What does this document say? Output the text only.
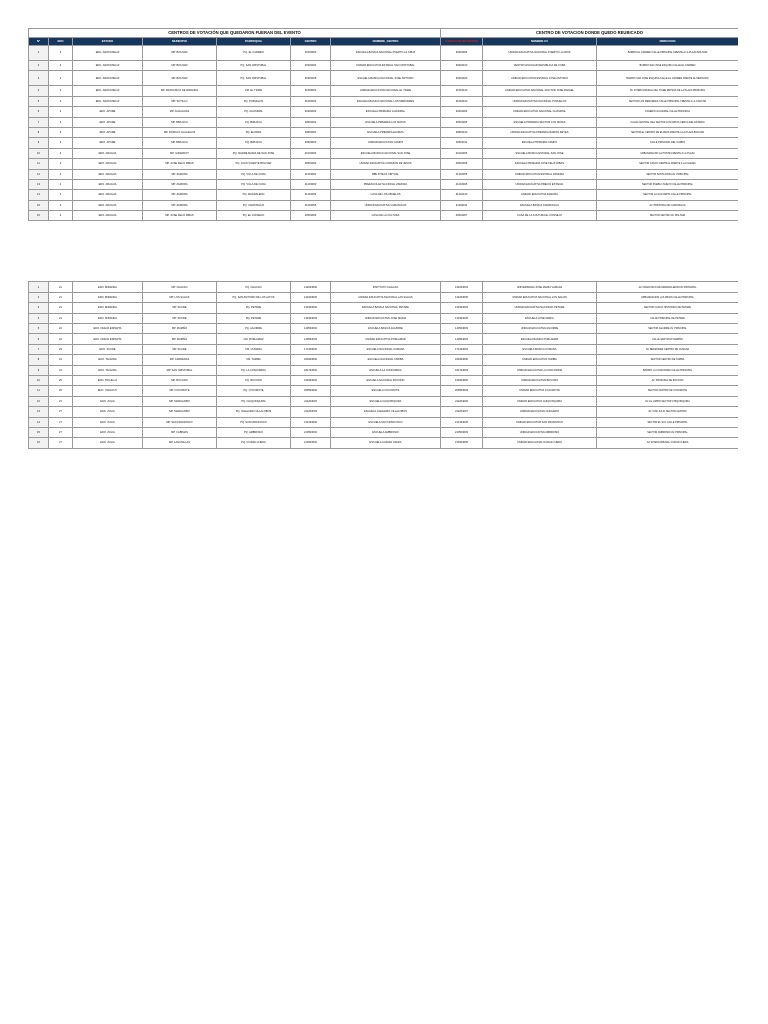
CENTROS DE VOTACIÓN QUE QUEDARON FUERAN DEL EVENTO							CENTRO DE VOTACION DONDE QUEDO REUBICADO		
Nº	EDO	ESTADO	MUNICIPIO	PARROQUIA	CENTRO	NOMBRE_CENTRO	CODIGO DE RECEPTOR	NOMBRE CV	DIRECCION
1	2	EDO. ANZOATEGUI	MP. BOLIVAR	PQ. EL CARMEN	30303003	ESCUELA BASICA NACIONAL PUERTO LA CRUZ	30304006	UNIDAD EDUCATIVA NACIONAL PUERTO LA CRUZ	BARRIO EL CARMEN CALLE PRINCIPAL FRENTE A LA PLAZA BOLIVAR
2	2	EDO. ANZOATEGUI	MP. BOLIVAR	PQ. SAN CRISTOBAL	30303004	UNIDAD EDUCATIVA ESTADAL SAN CRISTOBAL	30304010	CENTRO ESCOLAR REPUBLICA DE CUBA	BARRIO SAN JOSE ESQUINA CALLE EL CARMEN
3	2	EDO. ANZOATEGUI	MP. BOLIVAR	PQ. SAN CRISTOBAL	30303005	ESCUELA BASICA NACIONAL JOSE ANTONIO	30304020	UNIDAD EDUCATIVA ESTADAL JOSE ANTONIO	BARRIO SAN JOSE ESQUINA CALLE EL CARMEN FRENTE AL MERCADO
4	2	EDO. ANZOATEGUI	MP. FRANCISCO DE MIRANDA	CM. EL TIGRE	31503003	UNIDAD EDUCATIVA NACIONAL EL TIGRE	31504010	UNIDAD EDUCATIVA NACIONAL DOCTOR JOSE RAFAEL	AV. INTERCOMUNAL DEL TIGRE DETRAS DE LA PLAZA PRINCIPAL
5	2	EDO. ANZOATEGUI	MP. SOTILLO	PQ. POZUELOS	31603002	ESCUELA BASICA NACIONAL LOS MERCEDES	31604010	UNIDAD EDUCATIVA NACIONAL POZUELOS	SECTOR LOS MERCEDES CALLE PRINCIPAL FRENTE A LA CANCHA
6	3	EDO. APURE	MP. ACHAGUAS	PQ. GUASIMAL	30403002	ESCUELA PRIMARIA GUASIMAL	30404004	UNIDAD EDUCATIVA NACIONAL GUASIMAL	CASERIO GUASIMAL CALLE PRINCIPAL
7	3	EDO. APURE	MP. BIRUACA	PQ. BIRUACA	30503002	ESCUELA PRIMARIA LOS MATAS	30504006	ESCUELA PRIMARIA SECTOR LOS MATAS	CALLE CENTRAL DEL SECTOR LOS MATAS CERCA DEL ESTADIO
8	3	EDO. APURE	MP. ROMULO GALLEGOS	PQ. ELORZA	30803002	ESCUELA PRIMARIA ELORZA	30804010	UNIDAD EDUCATIVA PRIMARIA RAMON REYES	SECTOR EL CENTRO DE ELORZA FRENTE A LA PLAZA BOLIVAR
9	3	EDO. APURE	MP. BIRUACA	PQ. BIRUACA	30503003	UNIDAD EDUCATIVA CAMPO	30504011	ESCUELA PRIMARIA CAMPO	CALLE PRINCIPAL DEL CAMPO
10	4	EDO. ARAGUA	MP. GIRARDOT	PQ. MADRE MARIA DE SAN JOSE	40103002	ESCUELA BASICA NACIONAL SAN JOSE	40104006	ESCUELA BASICA ESTADAL SAN JOSE	URBANIZACION LA PONTE FRENTE A LA PLAZA
11	4	EDO. ARAGUA	MP. JOSE FELIX RIBAS	PQ. JUAN VICENTE BOLIVAR	40503002	UNIDAD EDUCATIVA CORAZON DE JESUS	40504006	ESCUELA PRIMARIA JOSE FELIX RIBAS	SECTOR CASCO CENTRAL FRENTE A LA IGLESIA
12	4	EDO. ARAGUA	MP. ZAMORA	PQ. VILLA DE CURA	41203002	BIBLIOTECA VIRTUAL	41204005	UNIDAD EDUCATIVA ESTADAL ZAMORA	SECTOR SANTA ROSA AV. PRINCIPAL
13	4	EDO. ARAGUA	MP. ZAMORA	PQ. VILLA DE CURA	41203003	PREESCOLAR NACIONAL ZAMORA	41204006	UNIDAD EDUCATIVA PRECIO ESTADAL	SECTOR PUEBLO NUEVO CALLE PRINCIPAL
14	4	EDO. ARAGUA	MP. ZAMORA	PQ. MAGDALENO	41203004	CASA DE LOS ABUELOS	41204010	UNIDAD EDUCATIVA ZAMORA	SECTOR LA GUAYABITA CALLE PRINCIPAL
15	4	EDO. ARAGUA	MP. ZAMORA	PQ. CAMATAGUA	41203005	UNIDAD EDUCATIVA CAMATAGUA	41204011	ESCUELA BASICA CAMATAGUA	AV. PRINCIPAL DE CAMATAGUA
16	4	EDO. ARAGUA	MP. JOSE FELIX RIBAS	PQ. EL CONSEJO	40503003	CASA DE LA CULTURA	40504007	CASA DE LA CULTURA EL CONSEJO	SECTOR CENTRO AV. BOLIVAR
1	21	EDO. MIRANDA	MP. CHACAO	PQ. CHACAO	132003002	INSTITUTO CHACAO	132004003	UNIVERSIDAD JOSE MARIA VARGAS	AV. FRANCISCO DE MIRANDA EDIFICIO PRINCIPAL
2	21	EDO. MIRANDA	MP. LOS SALIAS	PQ. SAN ANTONIO DE LOS ALTOS	132203002	UNIDAD EDUCATIVA NACIONAL LAS SALIAS	132204005	UNIDAD EDUCATIVA NACIONAL LOS SALIAS	URBANIZACION LAS MINAS CALLE PRINCIPAL
3	21	EDO. MIRANDA	MP. SUCRE	PQ. PETARE	131903002	ESCUELA BASICA NACIONAL PETARE	131904004	UNIDAD EDUCATIVA NACIONAL PETARE	SECTOR CASCO HISTORICO DE PETARE
4	21	EDO. MIRANDA	MP. SUCRE	PQ. PETARE	131903003	UNIDAD EDUCATIVA JOSE MARIA	131904005	ESCUELA JOSE MARIA	CALLE PRINCIPAL DE PETARE
5	22	EDO. NUEVA ESPARTA	MP. MARIÑO	PQ. AGUIRRE	140503002	ESCUELA BASICA AGUIRRE	140504003	UNIDAD EDUCATIVA AGUIRRE	SECTOR AGUIRRE AV. PRINCIPAL
6	22	EDO. NUEVA ESPARTA	MP. MARIÑO	CM. PORLAMAR	140503003	UNIDAD EDUCATIVA PORLAMAR	140504004	ESCUELA BASICA PORLAMAR	CALLE SANTIAGO MARIÑO
7	23	EDO. SUCRE	MP. SUCRE	CM. CUMANA	171403002	ESCUELA NACIONAL CUMANA	171404004	ESCUELA BASICA CUMANA	AV. BERMUDEZ CENTRO DE CUMANA
8	24	EDO. TACHIRA	MP. CARDENAS	CM. TARIBA	180303002	ESCUELA NACIONAL TARIBA	180304006	UNIDAD EDUCATIVA TARIBA	SECTOR CENTRO DE TARIBA
9	24	EDO. TACHIRA	MP. SAN CRISTOBAL	PQ. LA CONCORDIA	181703002	ESCUELA LA CONCORDIA	181704003	UNIDAD EDUCATIVA LA CONCORDIA	BARRIO LA CONCORDIA CALLE PRINCIPAL
10	25	EDO. TRUJILLO	MP. BOCONO	PQ. BOCONO	190303002	ESCUELA NACIONAL BOCONO	190304005	UNIDAD EDUCATIVA BOCONO	AV. PRINCIPAL DE BOCONO
11	26	EDO. YARACUY	MP. COCOROTE	PQ. COCOROTE	200503002	ESCUELA COCOROTE	200504003	UNIDAD EDUCATIVA COCOROTE	SECTOR CENTRO DE COCOROTE
12	27	EDO. ZULIA	MP. MARACAIBO	PQ. CHIQUINQUIRA	211203002	ESCUELA CHIQUINQUIRA	211204006	UNIDAD EDUCATIVA CHIQUINQUIRA	AV. EL LIMPIO SECTOR CHIQUINQUIRA
13	27	EDO. ZULIA	MP. MARACAIBO	PQ. OLEGARIO VILLALOBOS	211203003	ESCUELA OLEGARIO VILLALOBOS	211204007	UNIDAD EDUCATIVA OLEGARIO	AV. 5 DE JULIO SECTOR CENTRO
14	27	EDO. ZULIA	MP. SAN FRANCISCO	PQ. SAN FRANCISCO	212103002	ESCUELA SAN FRANCISCO	212104005	UNIDAD EDUCATIVA SAN FRANCISCO	SECTOR EL SOL CALLE PRINCIPAL
15	27	EDO. ZULIA	MP. CABIMAS	PQ. AMBROSIO	210503002	ESCUELA AMBROSIO	210504003	UNIDAD EDUCATIVA AMBROSIO	SECTOR AMBROSIO AV. PRINCIPAL
16	27	EDO. ZULIA	MP. LAGUNILLAS	PQ. CIUDAD OJEDA	210903002	ESCUELA CIUDAD OJEDA	210904005	UNIDAD EDUCATIVA CIUDAD OJEDA	AV. INTERCOMUNAL CIUDAD OJEDA
